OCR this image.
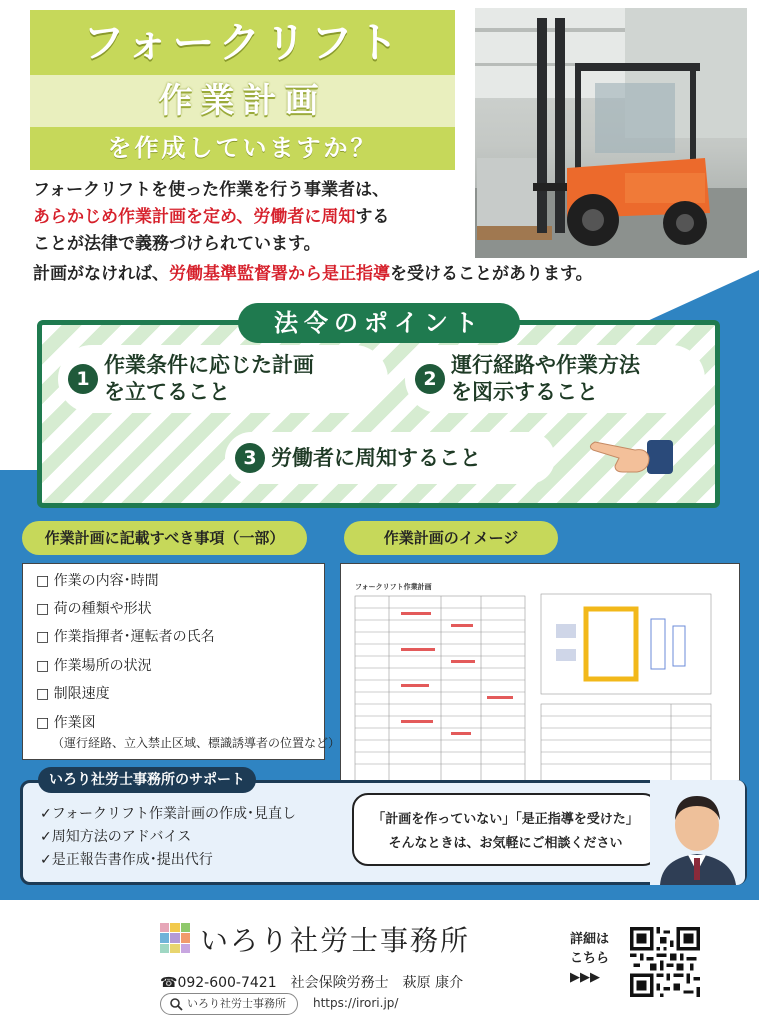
フォークリフト
作業計画
を作成していますか？
フォークリフトを使った作業を行う事業者は、
あらかじめ作業計画を定め、労働者に周知する
ことが法律で義務づけられています。
計画がなければ、労働基準監督署から是正指導を受けることがあります。
法令のポイント
1
作業条件に応じた計画
を立てること
2
運行経路や作業方法
を図示すること
3 労働者に周知すること
作業計画に記載すべき事項（一部）
□ 作業の内容･時間
□ 荷の種類や形状
□ 作業指揮者･運転者の氏名
□ 作業場所の状況
□ 制限速度
□ 作業図
（運行経路、立入禁止区域、標識誘導者の位置など）
作業計画のイメージ
フォークリフト作業計画
いろり社労士事務所のサポート
✓フォークリフト作業計画の作成･見直し
✓周知方法のアドバイス
✓是正報告書作成･提出代行
「計画を作っていない」「是正指導を受けた」
そんなときは、お気軽にご相談ください
いろり社労士事務所
☎092-600-7421　社会保険労務士　萩原 康介
いろり社労士事務所	https://irori.jp/
詳細は
こちら
▶▶▶
